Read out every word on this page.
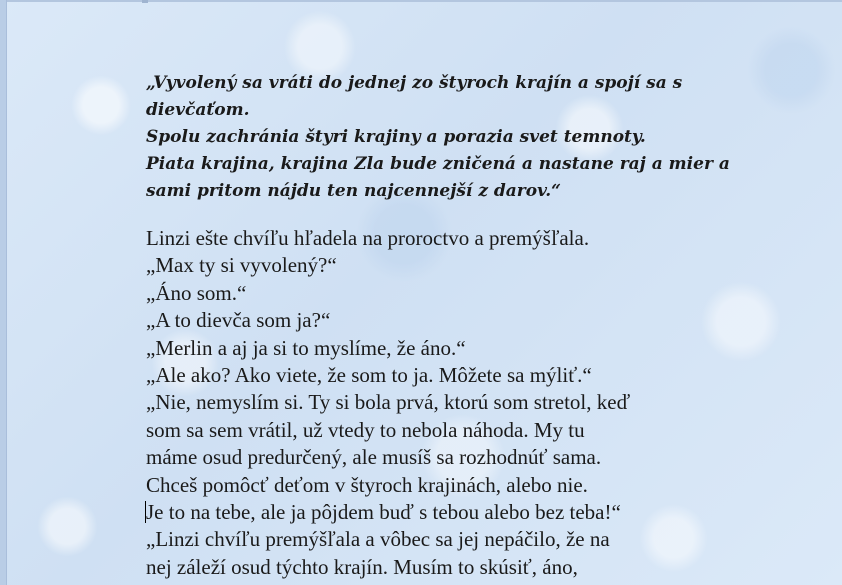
„Vyvolený sa vráti do jednej zo štyroch krajín a spojí sa s
dievčaťom.
Spolu zachránia štyri krajiny a porazia svet temnoty.
Piata krajina, krajina Zla bude zničená a nastane raj a mier a
sami pritom nájdu ten najcennejší z darov.“
Linzi ešte chvíľu hľadela na proroctvo a premýšľala.
„Max ty si vyvolený?“
„Áno som.“
„A to dievča som ja?“
„Merlin a aj ja si to myslíme, že áno.“
„Ale ako? Ako viete, že som to ja. Môžete sa mýliť.“
„Nie, nemyslím si. Ty si bola prvá, ktorú som stretol, keď
som sa sem vrátil, už vtedy to nebola náhoda. My tu
máme osud predurčený, ale musíš sa rozhodnúť sama.
Chceš pomôcť deťom v štyroch krajinách, alebo nie.
Je to na tebe, ale ja pôjdem buď s tebou alebo bez teba!“
„Linzi chvíľu premýšľala a vôbec sa jej nepáčilo, že na
nej záleží osud týchto krajín. Musím to skúsiť, áno,
